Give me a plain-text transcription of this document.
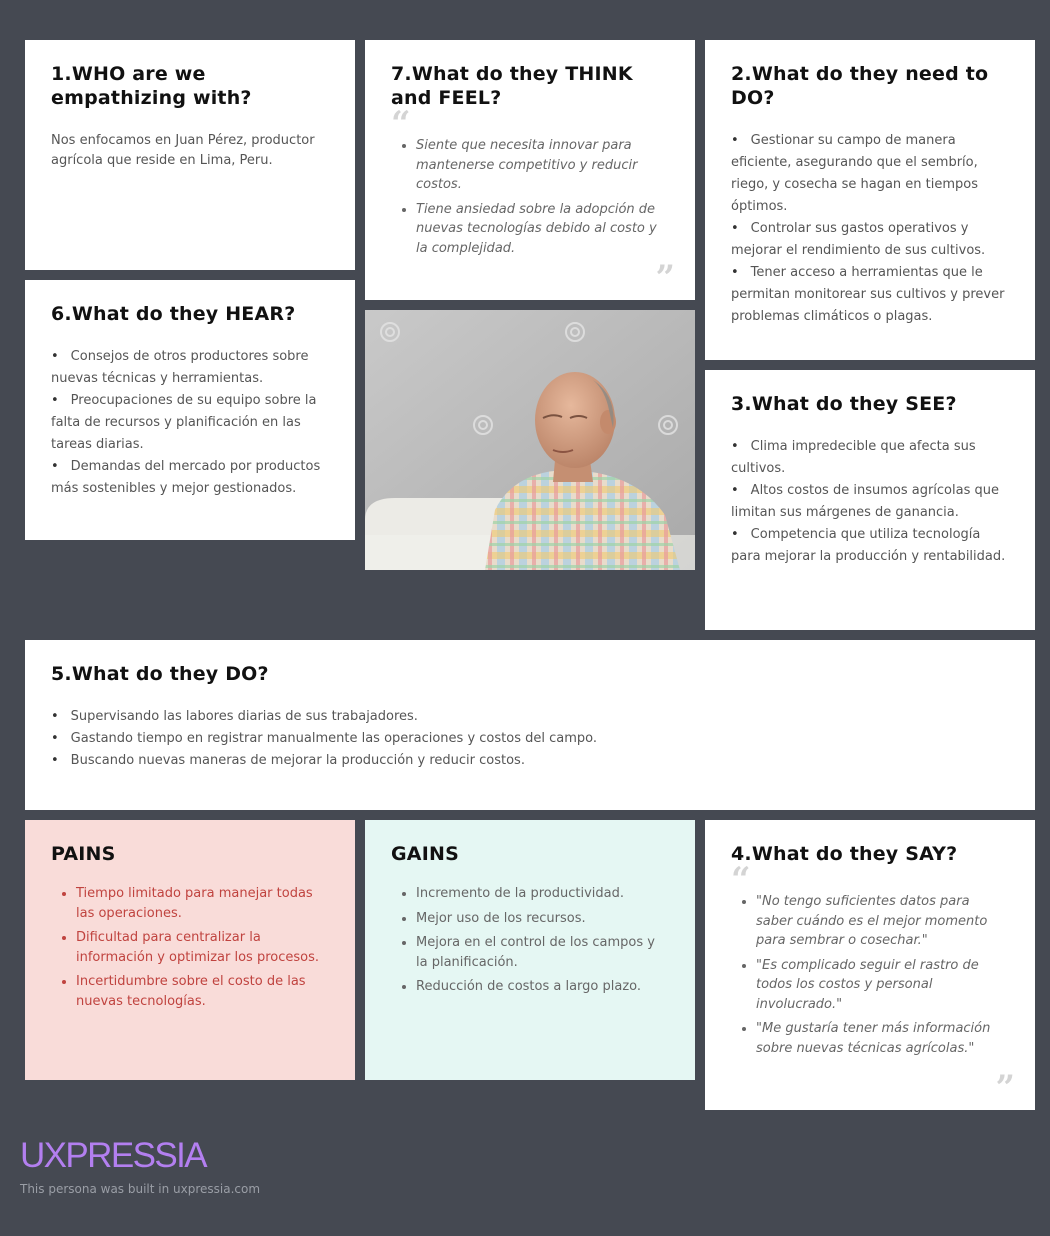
1.WHO are we empathizing with?

Nos enfocamos en Juan Pérez, productor agrícola que reside en Lima, Peru.

7.What do they THINK and FEEL?
“
• Siente que necesita innovar para mantenerse competitivo y reducir costos.
• Tiene ansiedad sobre la adopción de nuevas tecnologías debido al costo y la complejidad.
”
2.What do they need to DO?
• Gestionar su campo de manera eficiente, asegurando que el sembrío, riego, y cosecha se hagan en tiempos óptimos.
• Controlar sus gastos operativos y mejorar el rendimiento de sus cultivos.
• Tener acceso a herramientas que le permitan monitorear sus cultivos y prever problemas climáticos o plagas.
6.What do they HEAR?
• Consejos de otros productores sobre nuevas técnicas y herramientas.
• Preocupaciones de su equipo sobre la falta de recursos y planificación en las tareas diarias.
• Demandas del mercado por productos más sostenibles y mejor gestionados.
3.What do they SEE?
• Clima impredecible que afecta sus cultivos.
• Altos costos de insumos agrícolas que limitan sus márgenes de ganancia.
• Competencia que utiliza tecnología para mejorar la producción y rentabilidad.
5.What do they DO?
• Supervisando las labores diarias de sus trabajadores.
• Gastando tiempo en registrar manualmente las operaciones y costos del campo.
• Buscando nuevas maneras de mejorar la producción y reducir costos.
PAINS
• Tiempo limitado para manejar todas las operaciones.
• Dificultad para centralizar la información y optimizar los procesos.
• Incertidumbre sobre el costo de las nuevas tecnologías.
GAINS
• Incremento de la productividad.
• Mejor uso de los recursos.
• Mejora en el control de los campos y la planificación.
• Reducción de costos a largo plazo.
4.What do they SAY?
“
• "No tengo suficientes datos para saber cuándo es el mejor momento para sembrar o cosechar."
• "Es complicado seguir el rastro de todos los costos y personal involucrado."
• "Me gustaría tener más información sobre nuevas técnicas agrícolas."
”
UXPRESSIA
This persona was built in uxpressia.com
